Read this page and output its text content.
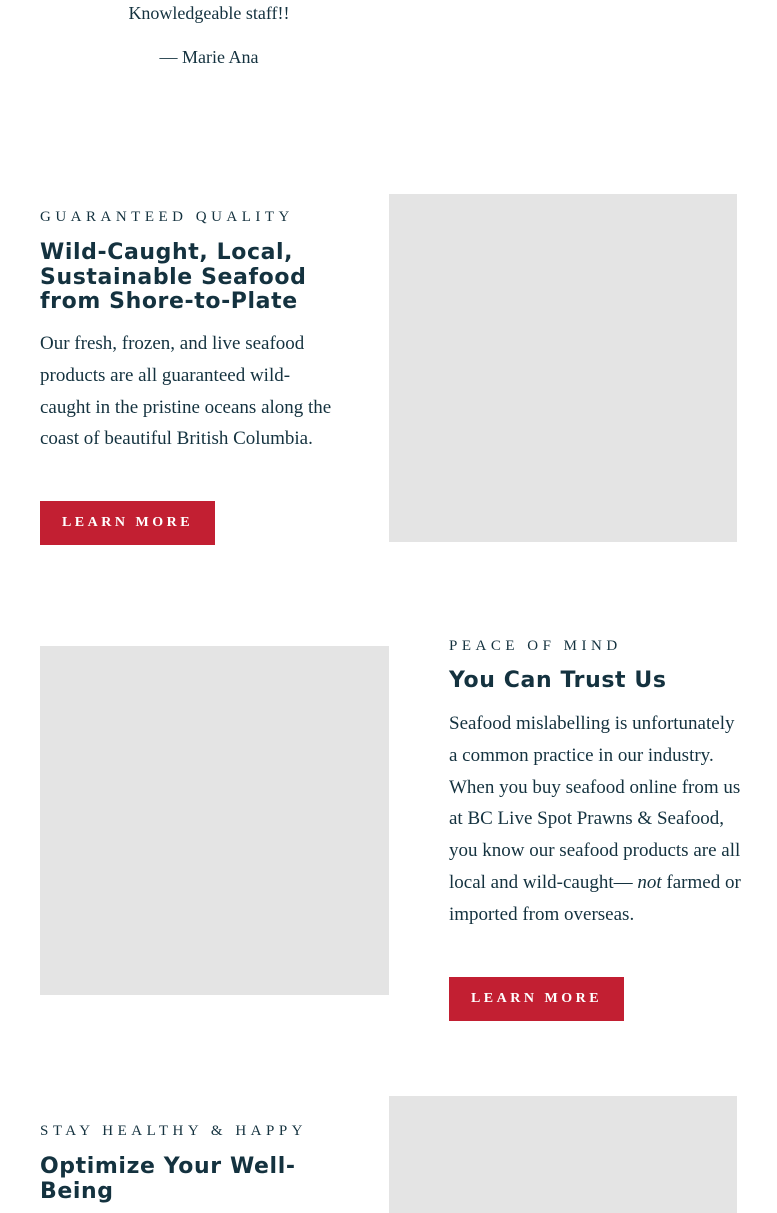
Knowledgeable staff!!

— Marie Ana

GUARANTEED QUALITY
Wild-Caught, Local, Sustainable Seafood from Shore-to-Plate

Our fresh, frozen, and live seafood products are all guaranteed wild-caught in the pristine oceans along the coast of beautiful British Columbia.

LEARN MORE
PEACE OF MIND
You Can Trust Us

Seafood mislabelling is unfortunately a common practice in our industry. When you buy seafood online from us at BC Live Spot Prawns & Seafood, you know our seafood products are all local and wild-caught— not farmed or imported from overseas.

LEARN MORE
STAY HEALTHY & HAPPY
Optimize Your Well-Being
